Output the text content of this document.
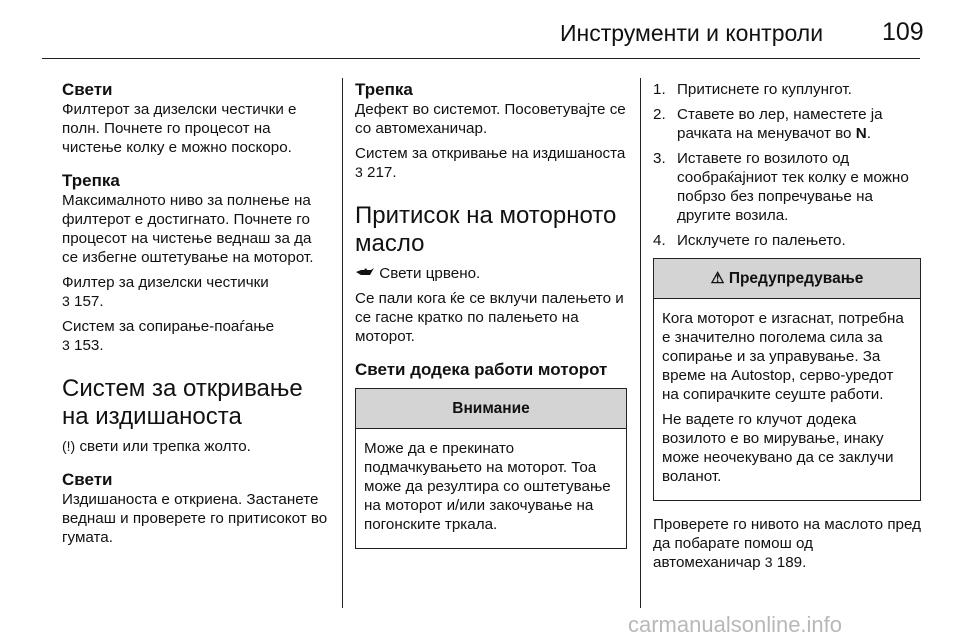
Инструменти и контроли 109
Свети

Филтерот за дизелски честички е полн. Почнете го процесот на чистење колку е можно поскоро.

Трепка

Максималното ниво за полнење на филтерот е достигнато. Почнете го процесот на чистење веднаш за да се избегне оштетување на моторот.

Филтер за дизелски честички
3 157.

Систем за сопирање-поаѓање
3 153.

Систем за откривање на издишаноста

(!) свети или трепка жолто.

Свети

Издишаноста е откриена. Застанете веднаш и проверете го притисокот во гумата.

Трепка

Дефект во системот. Посоветувајте се со автомеханичар.

Систем за откривање на издишаноста 3 217.

Притисок на моторното масло

Свети црвено.

Се пали кога ќе се вклучи палењето и се гасне кратко по палењето на моторот.

Свети додека работи моторот
Внимание

Може да е прекинато подмачкувањето на моторот. Тоа може да резултира со оштетување на моторот и/или закочување на погонските тркала.

1. Притиснете го куплунгот.
2. Ставете во лер, наместете ја рачката на менувачот во N.
3. Иставете го возилото од сообраќајниот тек колку е можно побрзо без попречување на другите возила.
4. Исклучете го палењето.
⚠ Предупредување

Кога моторот е изгаснат, потребна е значително поголема сила за сопирање и за управување. За време на Autostop, серво-уредот на сопирачките сеуште работи.

Не вадете го клучот додека возилото е во мирување, инаку може неочекувано да се заклучи воланот.

Проверете го нивото на маслото пред да побарате помош од автомеханичар 3 189.

carmanualsonline.info
